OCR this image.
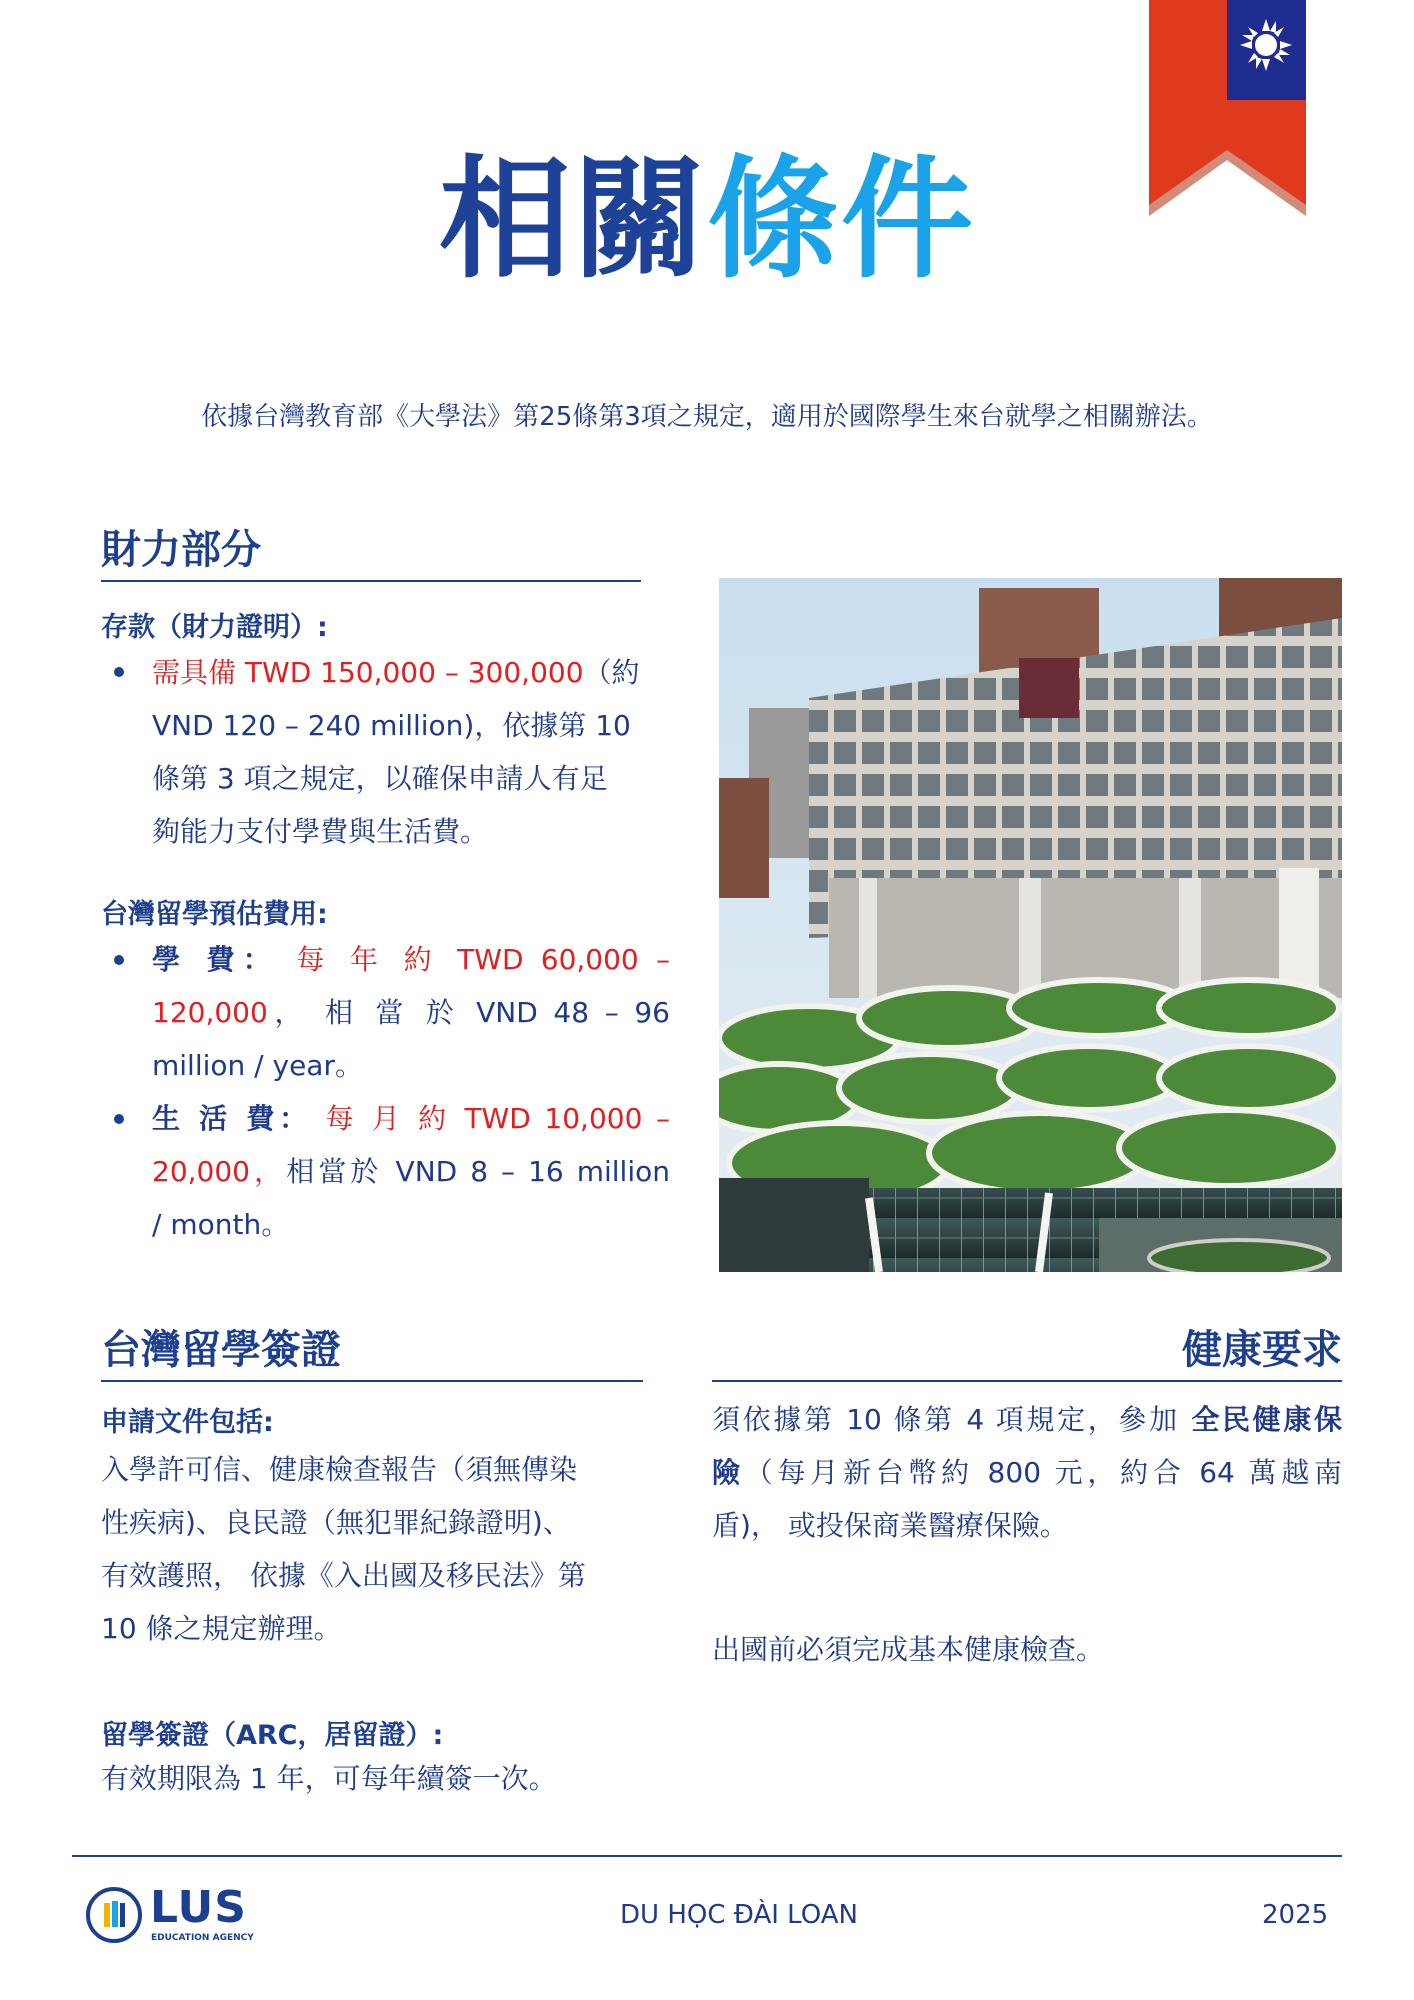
相關條件
依據台灣教育部《大學法》第25條第3項之規定，適用於國際學生來台就學之相關辦法。
財力部分
存款（財力證明）:
需具備 TWD 150,000 – 300,000（約
VND 120 – 240 million)，依據第 10
條第 3 項之規定，以確保申請人有足
夠能力支付學費與生活費。
台灣留學預估費用:
學 費： 每 年 約 TWD 60,000 –
120,000， 相 當 於 VND 48 – 96
million / year。
生 活 費： 每 月 約 TWD 10,000 –
20,000，相當於 VND 8 – 16 million
/ month。
台灣留學簽證
申請文件包括:
入學許可信、健康檢查報告（須無傳染
性疾病)、良民證（無犯罪紀錄證明)、
有效護照， 依據《入出國及移民法》第
10 條之規定辦理。
留學簽證（ARC，居留證）:
有效期限為 1 年，可每年續簽一次。
健康要求
須依據第 10 條第 4 項規定，參加 全民健康保
險（每月新台幣約 800 元，約合 64 萬越南
盾)， 或投保商業醫療保險。
出國前必須完成基本健康檢查。
LUS
EDUCATION AGENCY
DU HỌC ĐÀI LOAN	2025
